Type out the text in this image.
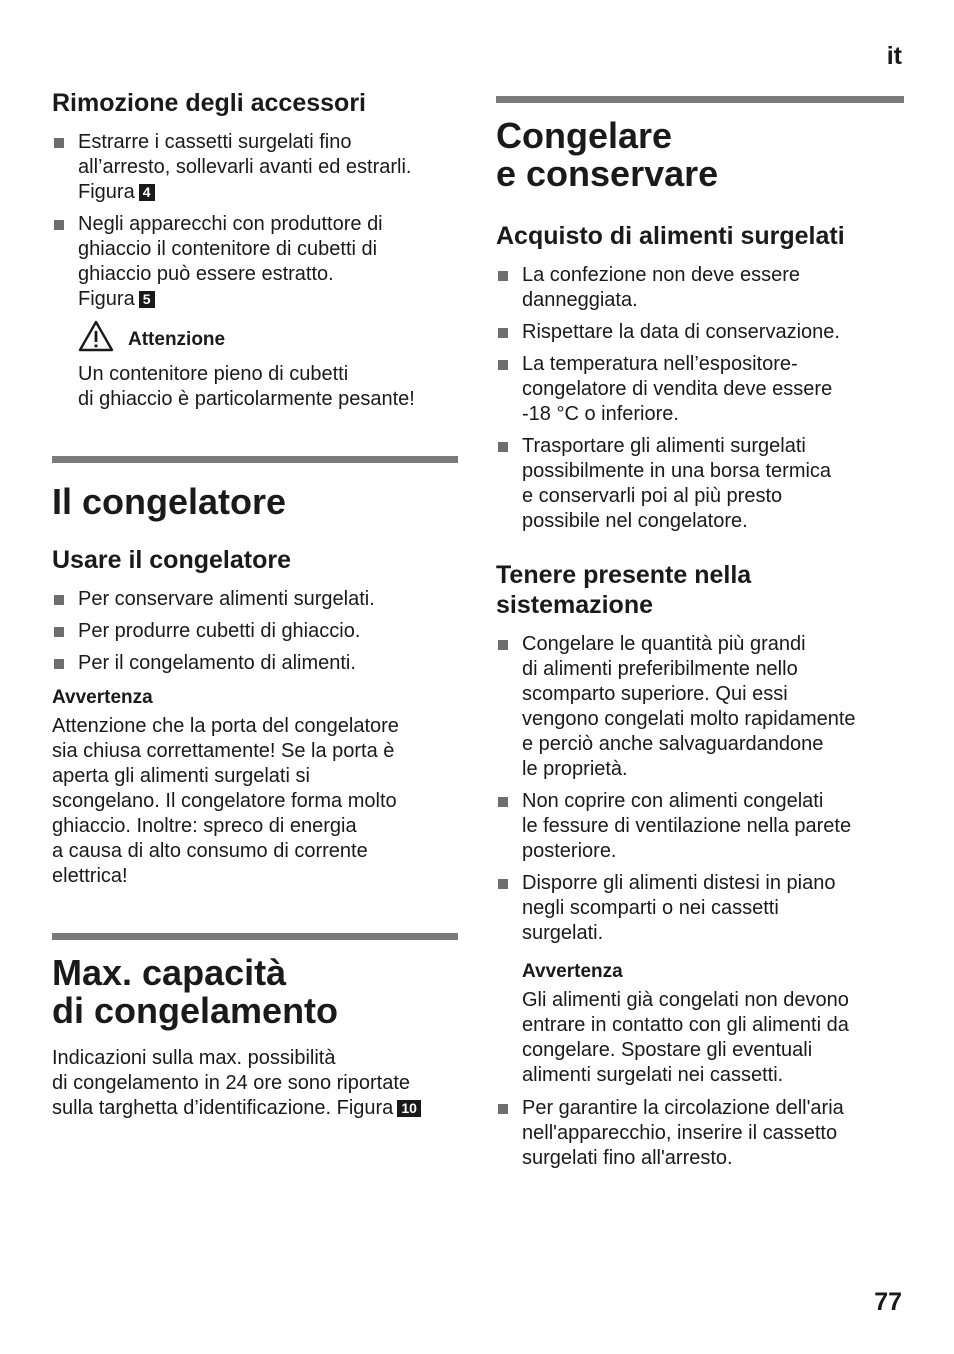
it
Rimozione degli accessori
Estrarre i cassetti surgelati fino
all’arresto, sollevarli avanti ed estrarli.
Figura 4
Negli apparecchi con produttore di
ghiaccio il contenitore di cubetti di
ghiaccio può essere estratto.
Figura 5
Attenzione

Un contenitore pieno di cubetti
di ghiaccio è particolarmente pesante!

Il congelatore
Usare il congelatore
Per conservare alimenti surgelati.
Per produrre cubetti di ghiaccio.
Per il congelamento di alimenti.

Avvertenza

Attenzione che la porta del congelatore
sia chiusa correttamente! Se la porta è
aperta gli alimenti surgelati si
scongelano. Il congelatore forma molto
ghiaccio. Inoltre: spreco di energia
a causa di alto consumo di corrente
elettrica!

Max. capacità
di congelamento

Indicazioni sulla max. possibilità
di congelamento in 24 ore sono riportate
sulla targhetta d’identificazione. Figura 10

Congelare
e conservare
Acquisto di alimenti surgelati
La confezione non deve essere
danneggiata.
Rispettare la data di conservazione.
La temperatura nell’espositore-
congelatore di vendita deve essere
-18 °C o inferiore.
Trasportare gli alimenti surgelati
possibilmente in una borsa termica
e conservarli poi al più presto
possibile nel congelatore.
Tenere presente nella
sistemazione
Congelare le quantità più grandi
di alimenti preferibilmente nello
scomparto superiore. Qui essi
vengono congelati molto rapidamente
e perciò anche salvaguardandone
le proprietà.
Non coprire con alimenti congelati
le fessure di ventilazione nella parete
posteriore.
Disporre gli alimenti distesi in piano
negli scomparti o nei cassetti
surgelati.

Avvertenza

Gli alimenti già congelati non devono
entrare in contatto con gli alimenti da
congelare. Spostare gli eventuali
alimenti surgelati nei cassetti.

Per garantire la circolazione dell'aria
nell'apparecchio, inserire il cassetto
surgelati fino all'arresto.
77
